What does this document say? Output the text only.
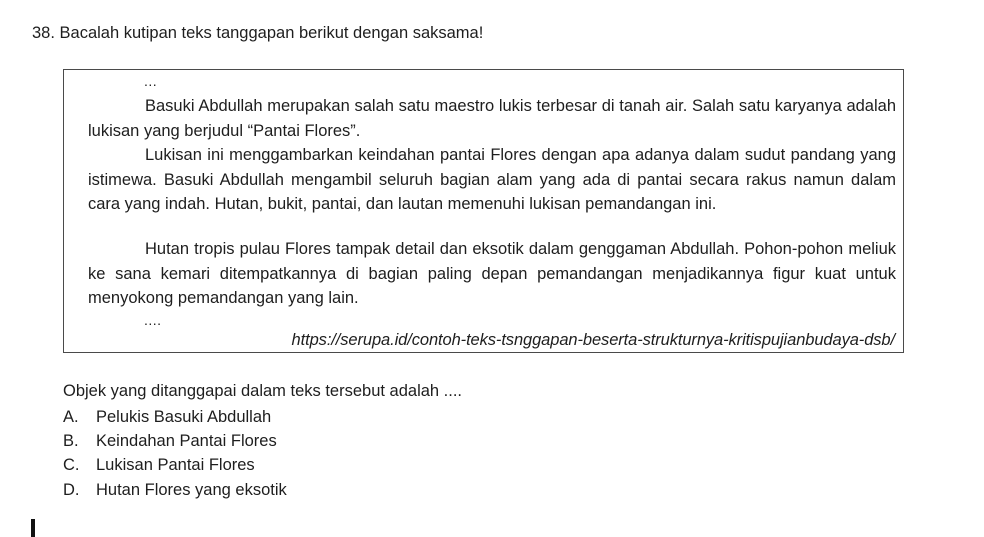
38. Bacalah kutipan teks tanggapan berikut dengan saksama!
...

Basuki Abdullah merupakan salah satu maestro lukis terbesar di tanah air. Salah satu karyanya adalah lukisan yang berjudul “Pantai Flores”.

Lukisan ini menggambarkan keindahan pantai Flores dengan apa adanya dalam sudut pandang yang istimewa. Basuki Abdullah mengambil seluruh bagian alam yang ada di pantai secara rakus namun dalam cara yang indah. Hutan, bukit, pantai, dan lautan memenuhi lukisan pemandangan ini.

Hutan tropis pulau Flores tampak detail dan eksotik dalam genggaman Abdullah. Pohon-pohon meliuk ke sana kemari ditempatkannya di bagian paling depan pemandangan menjadikannya figur kuat untuk menyokong pemandangan yang lain.

....
https://serupa.id/contoh-teks-tsnggapan-beserta-strukturnya-kritispujianbudaya-dsb/
Objek yang ditanggapai dalam teks tersebut adalah ....
A. Pelukis Basuki Abdullah
B. Keindahan Pantai Flores
C. Lukisan Pantai Flores
D. Hutan Flores yang eksotik
